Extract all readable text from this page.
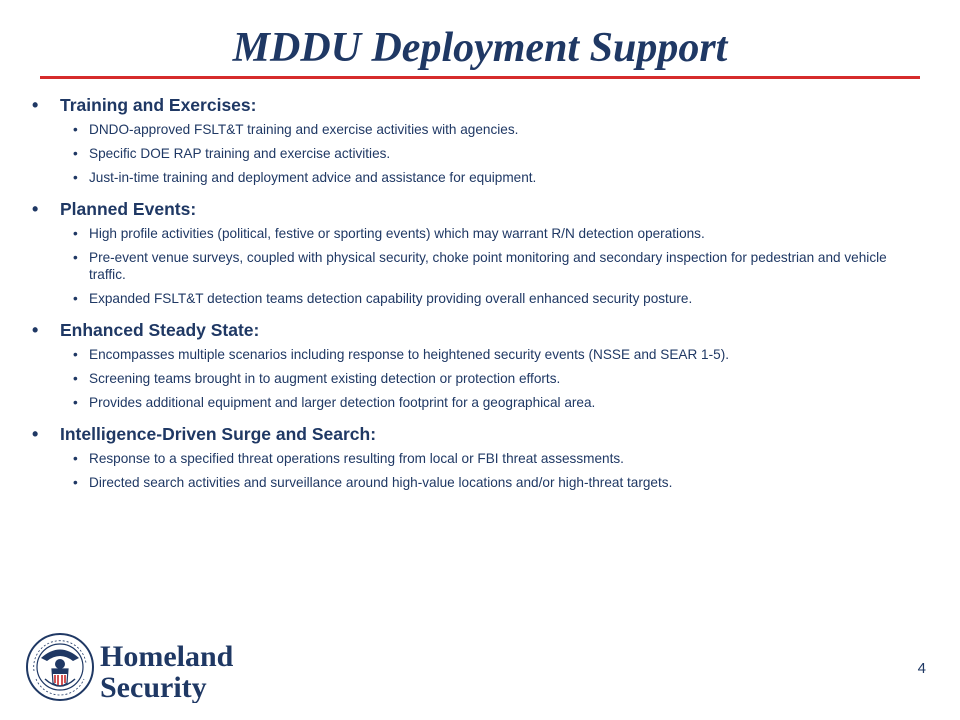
MDDU Deployment Support
•	Training and Exercises:
• DNDO-approved FSLT&T training and exercise activities with agencies.
• Specific DOE RAP training and exercise activities.
• Just-in-time training and deployment advice and assistance for equipment.
•	Planned Events:
• High profile activities (political, festive or sporting events) which may warrant R/N detection operations.
• Pre-event venue surveys, coupled with physical security, choke point monitoring and secondary inspection for pedestrian and vehicle traffic.
• Expanded FSLT&T detection teams detection capability providing overall enhanced security posture.
•	Enhanced Steady State:
• Encompasses multiple scenarios including response to heightened security events (NSSE and SEAR 1-5).
• Screening teams brought in to augment existing detection or protection efforts.
• Provides additional equipment and larger detection footprint for a geographical area.
•	Intelligence-Driven Surge and Search:
• Response to a specified threat operations resulting from local or FBI threat assessments.
• Directed search activities and surveillance around high-value locations and/or high-threat targets.
Homeland
Security
4
